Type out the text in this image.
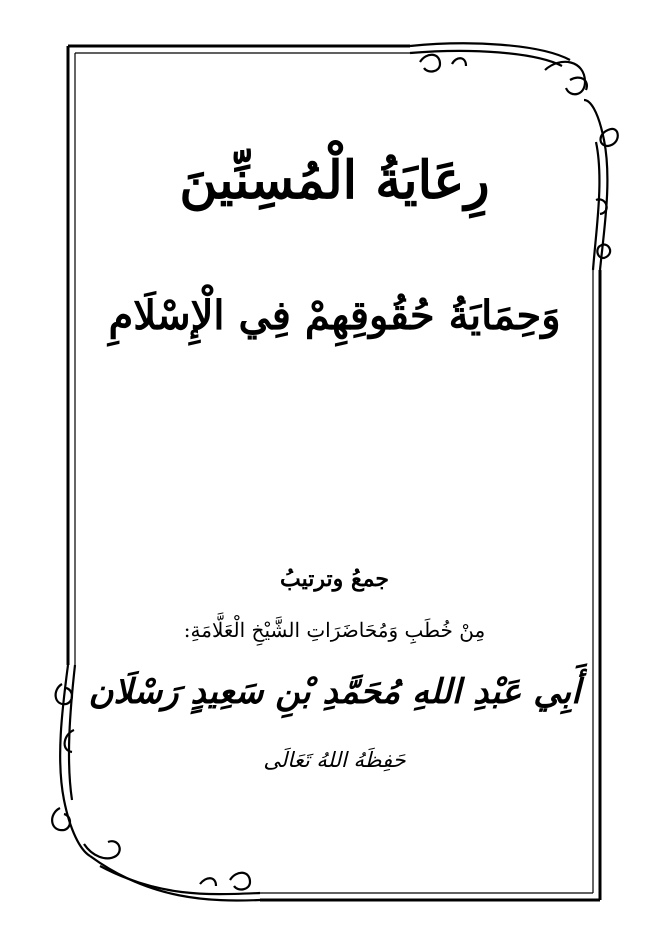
رِعَايَةُ الْمُسِنِّينَ
وَحِمَايَةُ حُقُوقِهِمْ فِي الْإِسْلَامِ
جمعُ وترتيبُ
مِنْ خُطَبِ وَمُحَاضَرَاتِ الشَّيْخِ الْعَلَّامَةِ:
أَبِي عَبْدِ اللهِ مُحَمَّدِ بْنِ سَعِيدٍ رَسْلَان
حَفِظَهُ اللهُ تَعَالَى
